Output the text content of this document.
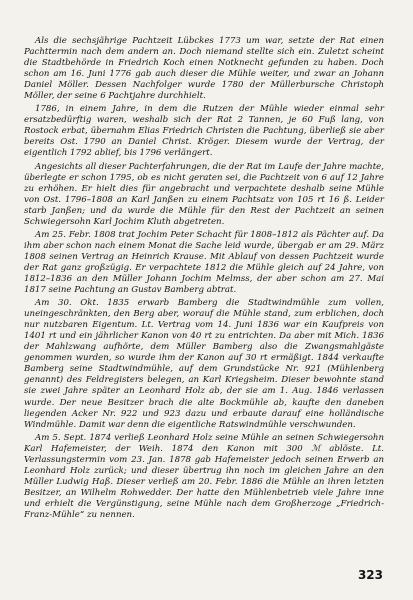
Als die sechsjährige Pachtzeit Lübckes 1773 um war, setzte der Rat einen Pachttermin nach dem andern an. Doch niemand stellte sich ein. Zuletzt scheint die Stadtbehörde in Friedrich Koch einen Notknecht gefunden zu haben. Doch schon am 16. Juni 1776 gab auch dieser die Mühle weiter, und zwar an Johann Daniel Möller. Dessen Nachfolger wurde 1780 der Müllerbursche Christoph Möller, der seine 6 Pachtjahre durchhielt.

1786, in einem Jahre, in dem die Rutzen der Mühle wieder einmal sehr ersatzbedürftig waren, weshalb sich der Rat 2 Tannen, je 60 Fuß lang, von Rostock erbat, übernahm Elias Friedrich Christen die Pachtung, überließ sie aber bereits Ost. 1790 an Daniel Christ. Kröger. Diesem wurde der Vertrag, der eigentlich 1792 ablief, bis 1796 verlängert.

Angesichts all dieser Pachterfahrungen, die der Rat im Laufe der Jahre machte, überlegte er schon 1795, ob es nicht geraten sei, die Pachtzeit von 6 auf 12 Jahre zu erhöhen. Er hielt dies für angebracht und verpachtete deshalb seine Mühle von Ost. 1796–1808 an Karl Janßen zu einem Pachtsatz von 105 rt 16 ß. Leider starb Janßen; und da wurde die Mühle für den Rest der Pachtzeit an seinen Schwiegersohn Karl Jochim Kluth abgetreten.

Am 25. Febr. 1808 trat Jochim Peter Schacht für 1808–1812 als Pächter auf. Da ihm aber schon nach einem Monat die Sache leid wurde, übergab er am 29. März 1808 seinen Vertrag an Heinrich Krause. Mit Ablauf von dessen Pachtzeit wurde der Rat ganz großzügig. Er verpachtete 1812 die Mühle gleich auf 24 Jahre, von 1812–1836 an den Müller Johann Jochim Melmss, der aber schon am 27. Mai 1817 seine Pachtung an Gustav Bamberg abtrat.

Am 30. Okt. 1835 erwarb Bamberg die Stadtwindmühle zum vollen, uneingeschränkten, den Berg aber, worauf die Mühle stand, zum erblichen, doch nur nutzbaren Eigentum. Lt. Vertrag vom 14. Juni 1836 war ein Kaufpreis von 1401 rt und ein jährlicher Kanon von 40 rt zu entrichten. Da aber mit Mich. 1836 der Mahlzwang aufhörte, dem Müller Bamberg also die Zwangsmahlgäste genommen wurden, so wurde ihm der Kanon auf 30 rt ermäßigt. 1844 verkaufte Bamberg seine Stadtwindmühle, auf dem Grundstücke Nr. 921 (Mühlenberg genannt) des Feldregisters belegen, an Karl Kriegsheim. Dieser bewohnte stand sie zwei Jahre später an Leonhard Holz ab, der sie am 1. Aug. 1846 verlassen wurde. Der neue Besitzer brach die alte Bockmühle ab, kaufte den daneben liegenden Acker Nr. 922 und 923 dazu und erbaute darauf eine holländische Windmühle. Damit war denn die eigentliche Ratswindmühle verschwunden.

Am 5. Sept. 1874 verließ Leonhard Holz seine Mühle an seinen Schwiegersohn Karl Hafemeister, der Weih. 1874 den Kanon mit 300 ℳ ablöste. Lt. Verlassungstermin vom 23. Jan. 1878 gab Hafemeister jedoch seinen Erwerb an Leonhard Holz zurück; und dieser übertrug ihn noch im gleichen Jahre an den Müller Ludwig Haß. Dieser verließ am 20. Febr. 1886 die Mühle an ihren letzten Besitzer, an Wilhelm Rohwedder. Der hatte den Mühlenbetrieb viele Jahre inne und erhielt die Vergünstigung, seine Mühle nach dem Großherzoge „Friedrich-Franz-Mühle“ zu nennen.

323
